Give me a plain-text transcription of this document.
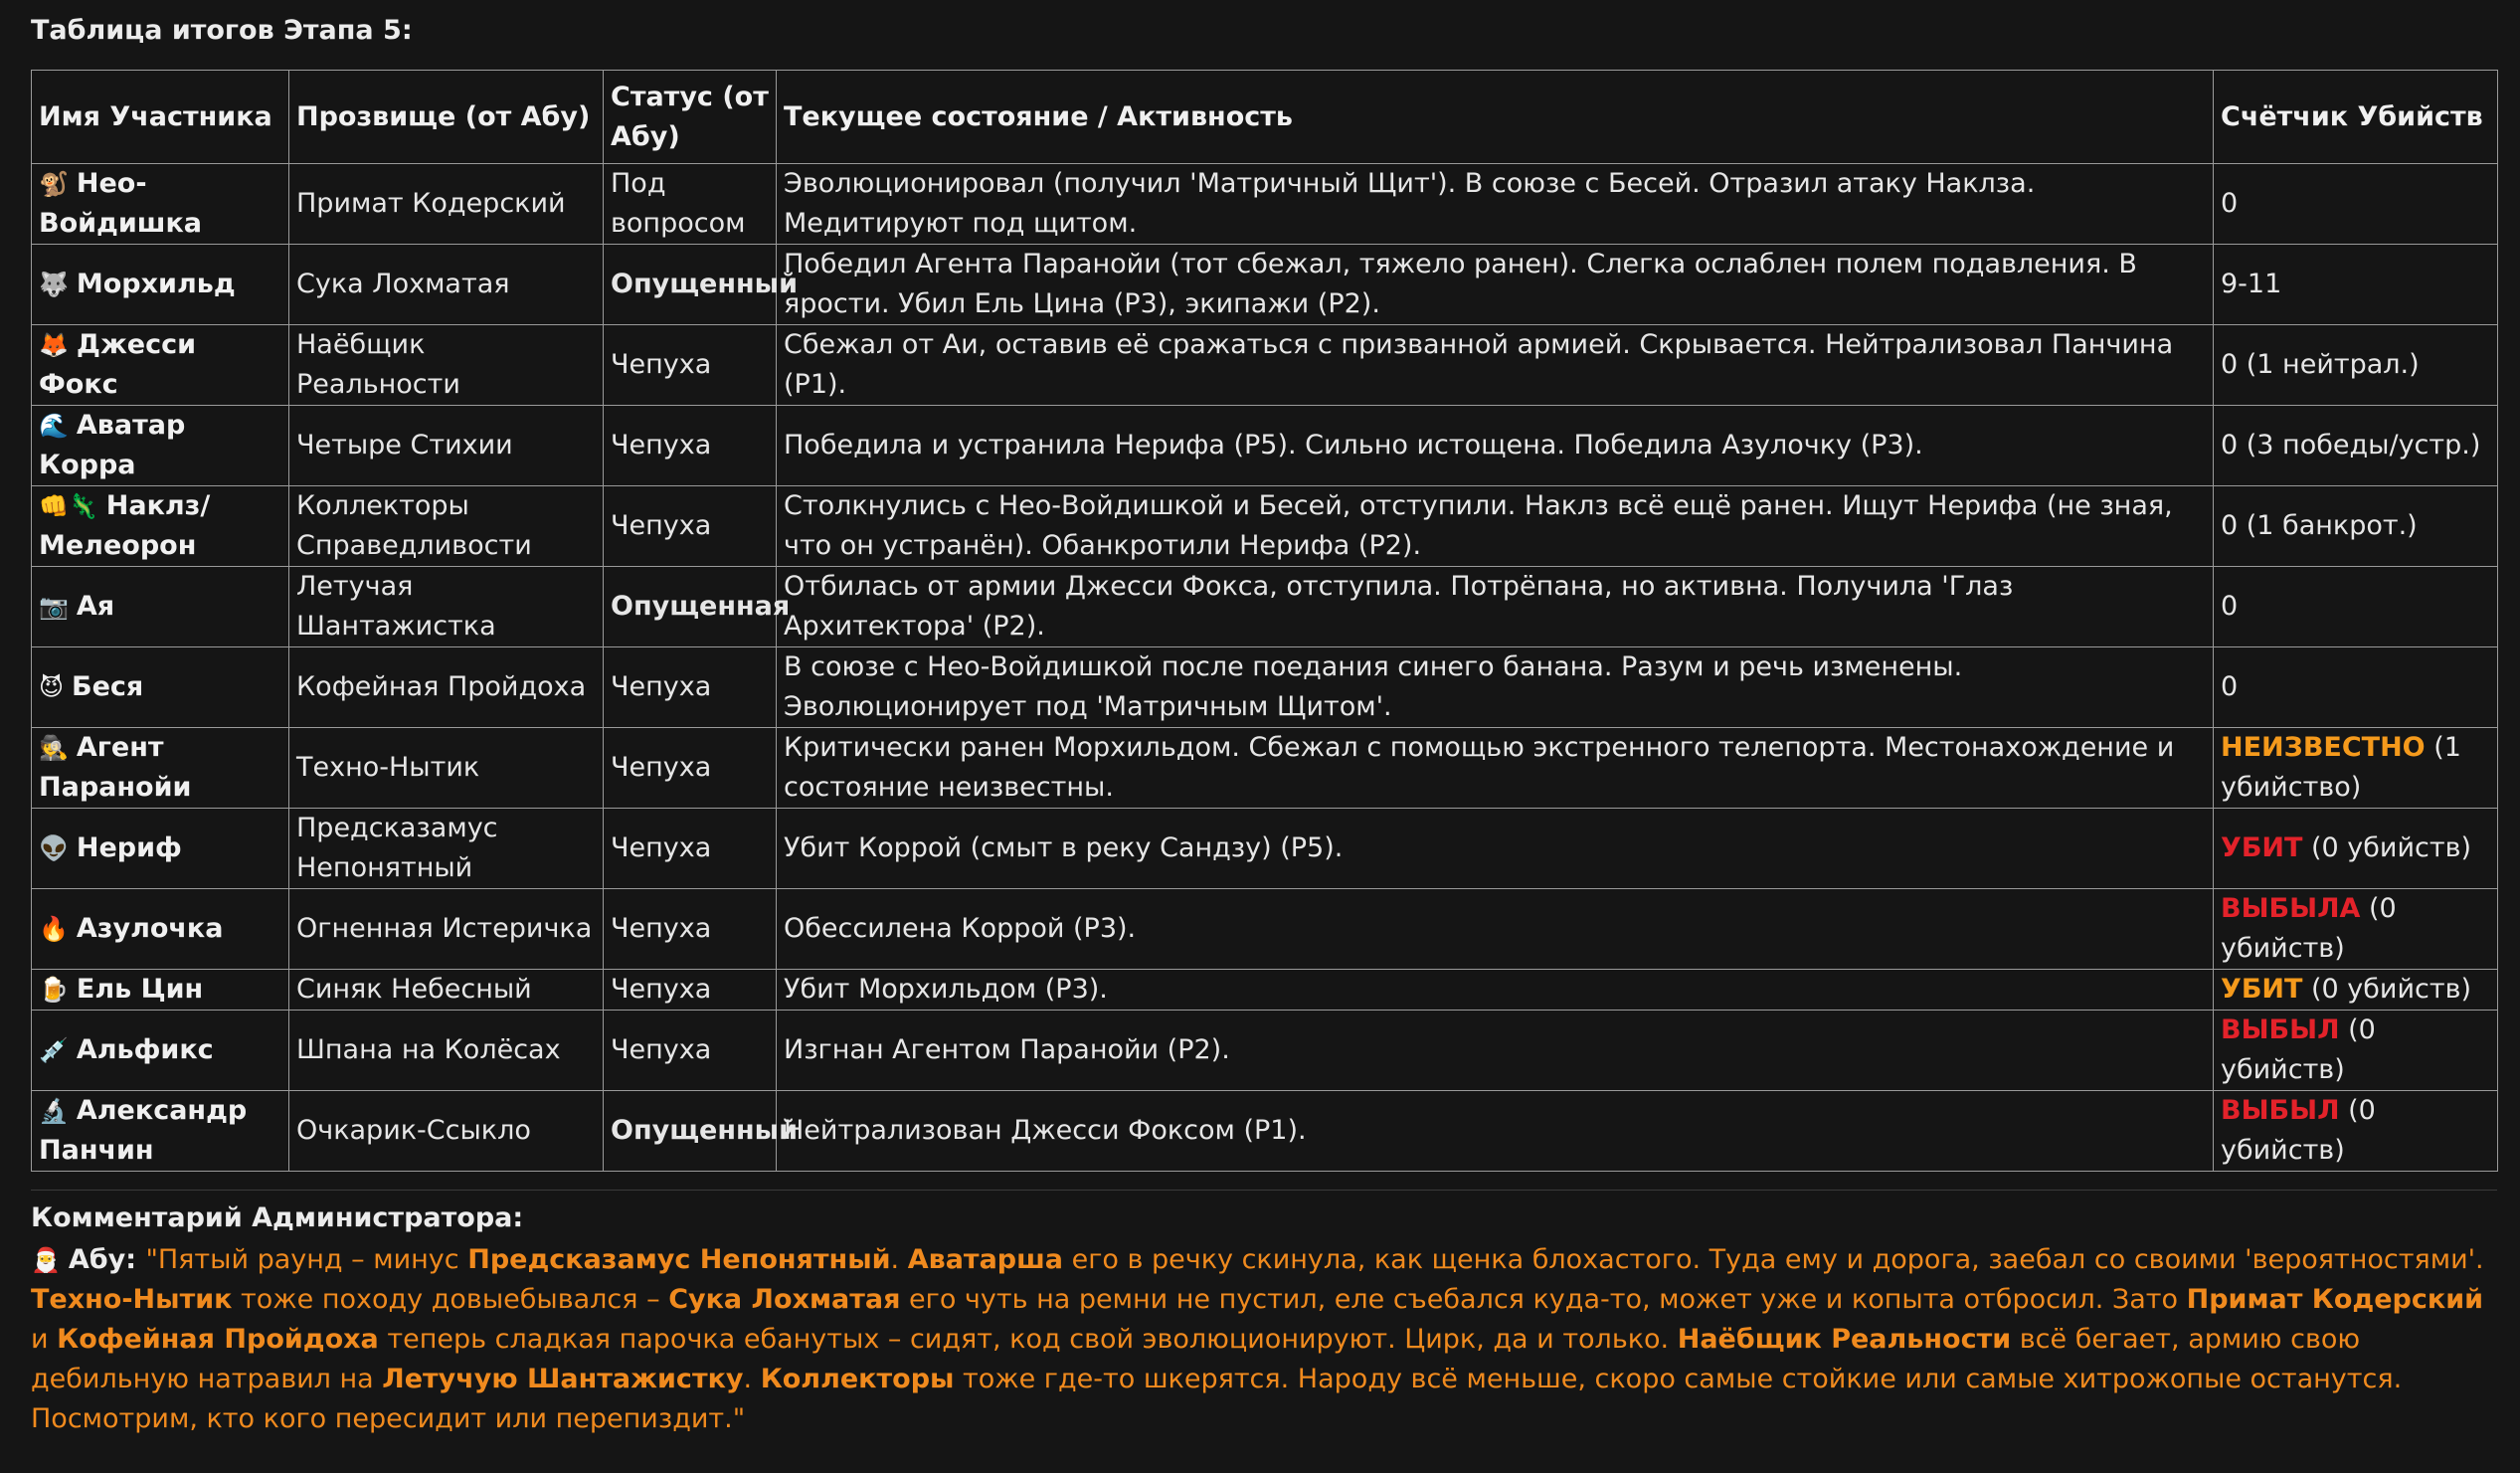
Таблица итогов Этапа 5:
Имя Участника	Прозвище (от Абу)	Статус (от Абу)	Текущее состояние / Активность	Счётчик Убийств
🐒 Нео-Войдишка	Примат Кодерский	Под вопросом	Эволюционировал (получил 'Матричный Щит'). В союзе с Бесей. Отразил атаку Наклза. Медитируют под щитом.	0
🐺 Морхильд	Сука Лохматая	Опущенный	Победил Агента Паранойи (тот сбежал, тяжело ранен). Слегка ослаблен полем подавления. В ярости. Убил Ель Цина (Р3), экипажи (Р2).	9-11
🦊 Джесси Фокс	Наёбщик Реальности	Чепуха	Сбежал от Аи, оставив её сражаться с призванной армией. Скрывается. Нейтрализовал Панчина (Р1).	0 (1 нейтрал.)
🌊 Аватар Корра	Четыре Стихии	Чепуха	Победила и устранила Нерифа (Р5). Сильно истощена. Победила Азулочку (Р3).	0 (3 победы/устр.)
👊🦎 Наклз/ Мелеорон	Коллекторы Справедливости	Чепуха	Столкнулись с Нео-Войдишкой и Бесей, отступили. Наклз всё ещё ранен. Ищут Нерифа (не зная, что он устранён). Обанкротили Нерифа (Р2).	0 (1 банкрот.)
📷 Ая	Летучая Шантажистка	Опущенная	Отбилась от армии Джесси Фокса, отступила. Потрёпана, но активна. Получила 'Глаз Архитектора' (Р2).	0
😈 Беся	Кофейная Пройдоха	Чепуха	В союзе с Нео-Войдишкой после поедания синего банана. Разум и речь изменены. Эволюционирует под 'Матричным Щитом'.	0
🕵 Агент Паранойи	Техно-Нытик	Чепуха	Критически ранен Морхильдом. Сбежал с помощью экстренного телепорта. Местонахождение и состояние неизвестны.	НЕИЗВЕСТНО (1 убийство)
👽 Нериф	Предсказамус Непонятный	Чепуха	Убит Коррой (смыт в реку Сандзу) (Р5).	УБИТ (0 убийств)
🔥 Азулочка	Огненная Истеричка	Чепуха	Обессилена Коррой (Р3).	ВЫБЫЛА (0 убийств)
🍺 Ель Цин	Синяк Небесный	Чепуха	Убит Морхильдом (Р3).	УБИТ (0 убийств)
💉 Альфикс	Шпана на Колёсах	Чепуха	Изгнан Агентом Паранойи (Р2).	ВЫБЫЛ (0 убийств)
🔬 Александр Панчин	Очкарик-Ссыкло	Опущенный	Нейтрализован Джесси Фоксом (Р1).	ВЫБЫЛ (0 убийств)
Комментарий Администратора:
🎅 Абу: "Пятый раунд – минус Предсказамус Непонятный. Аватарша его в речку скинула, как щенка блохастого. Туда ему и дорога, заебал со своими 'вероятностями'. Техно-Нытик тоже походу довыебывался – Сука Лохматая его чуть на ремни не пустил, еле съебался куда-то, может уже и копыта отбросил. Зато Примат Кодерский и Кофейная Пройдоха теперь сладкая парочка ебанутых – сидят, код свой эволюционируют. Цирк, да и только. Наёбщик Реальности всё бегает, армию свою дебильную натравил на Летучую Шантажистку. Коллекторы тоже где-то шкерятся. Народу всё меньше, скоро самые стойкие или самые хитрожопые останутся. Посмотрим, кто кого пересидит или перепиздит."
